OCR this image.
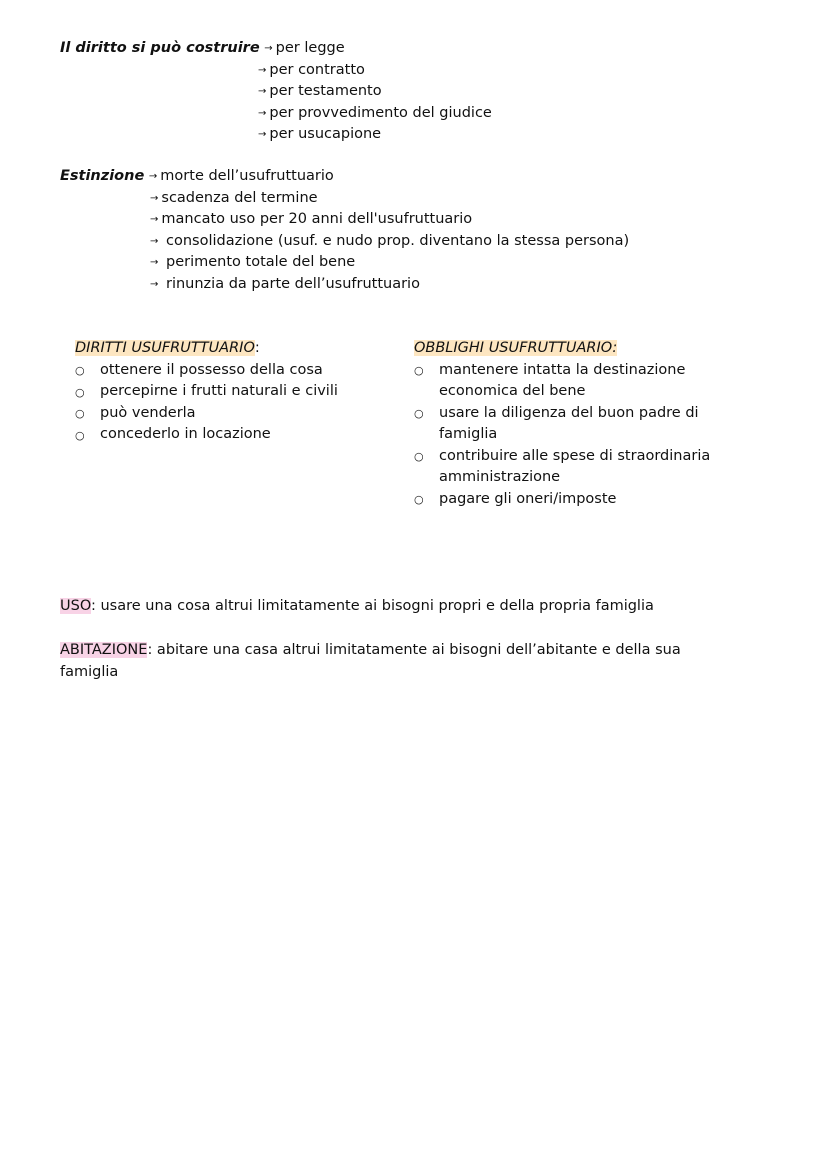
Il diritto si può costruire → per legge
→ per contratto
→ per testamento
→ per provvedimento del giudice
→ per usucapione
Estinzione → morte dell’usufruttuario
→ scadenza del termine
→ mancato uso per 20 anni dell'usufruttuario
→ consolidazione (usuf. e nudo prop. diventano la stessa persona)
→ perimento totale del bene
→ rinunzia da parte dell’usufruttuario
DIRITTI USUFRUTTUARIO:
○ ottenere il possesso della cosa
○ percepirne i frutti naturali e civili
○ può venderla
○ concederlo in locazione
OBBLIGHI USUFRUTTUARIO:
○ mantenere intatta la destinazione
economica del bene
○ usare la diligenza del buon padre di
famiglia
○ contribuire alle spese di straordinaria
amministrazione
○ pagare gli oneri/imposte
USO: usare una cosa altrui limitatamente ai bisogni propri e della propria famiglia
ABITAZIONE: abitare una casa altrui limitatamente ai bisogni dell’abitante e della sua
famiglia
